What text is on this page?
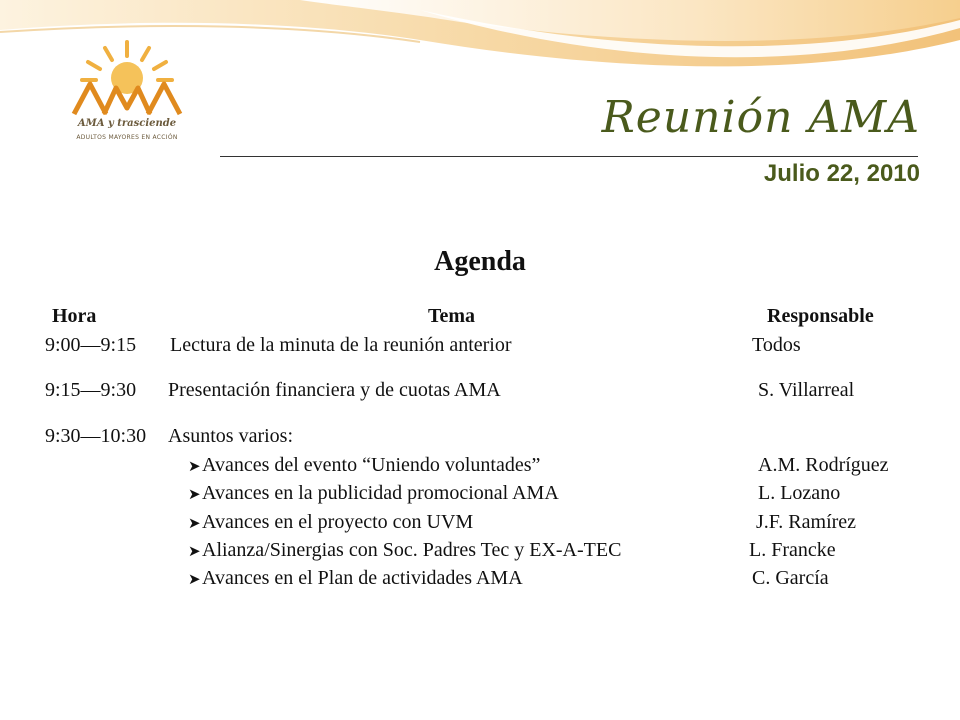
AMA y trasciende
ADULTOS MAYORES EN ACCIÓN	Reunión AMA
Julio 22, 2010
Agenda
Hora	Tema	Responsable
9:00—9:15 Lectura de la minuta de la reunión anterior	Todos
9:15—9:30 Presentación financiera y de cuotas AMA	S. Villarreal
9:30—10:30 Asuntos varios:
➤Avances del evento “Uniendo voluntades”	A.M. Rodríguez
➤Avances en la publicidad promocional AMA	L. Lozano
➤Avances en el proyecto con UVM	J.F. Ramírez
➤Alianza/Sinergias con Soc. Padres Tec y EX-A-TEC	L. Francke
➤Avances en el Plan de actividades AMA	C. García
